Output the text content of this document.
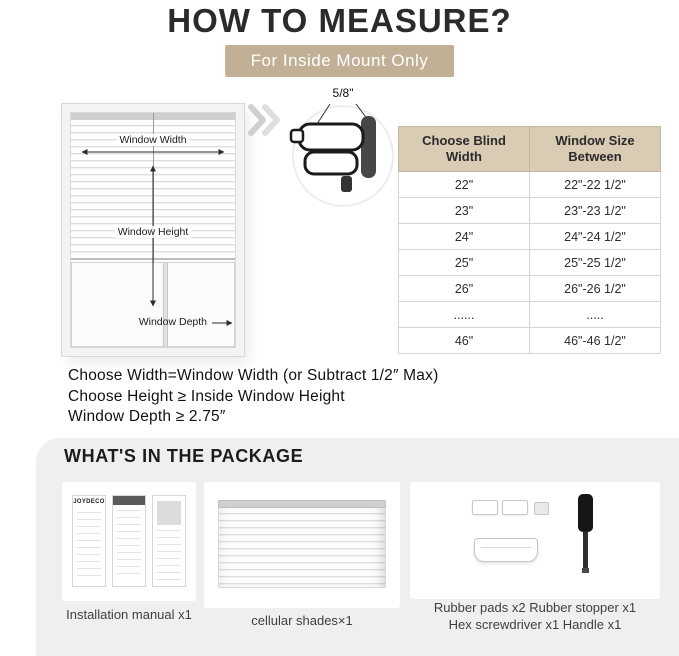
HOW TO MEASURE?
For Inside Mount Only
Window Width
Window Height
Window Depth
5/8"
Choose Blind Width	Window Size Between
22"	22"-22 1/2"
23"	23"-23 1/2"
24"	24"-24 1/2"
25"	25"-25 1/2"
26"	26"-26 1/2"
......	.....
46"	46"-46 1/2"
Choose Width=Window Width (or Subtract 1/2″ Max)
Choose Height ≥ Inside Window Height
Window Depth ≥ 2.75″
WHAT'S IN THE PACKAGE
JOYDECO
Installation manual x1	cellular shades×1
Rubber pads x2 Rubber stopper x1
Hex screwdriver x1 Handle x1
